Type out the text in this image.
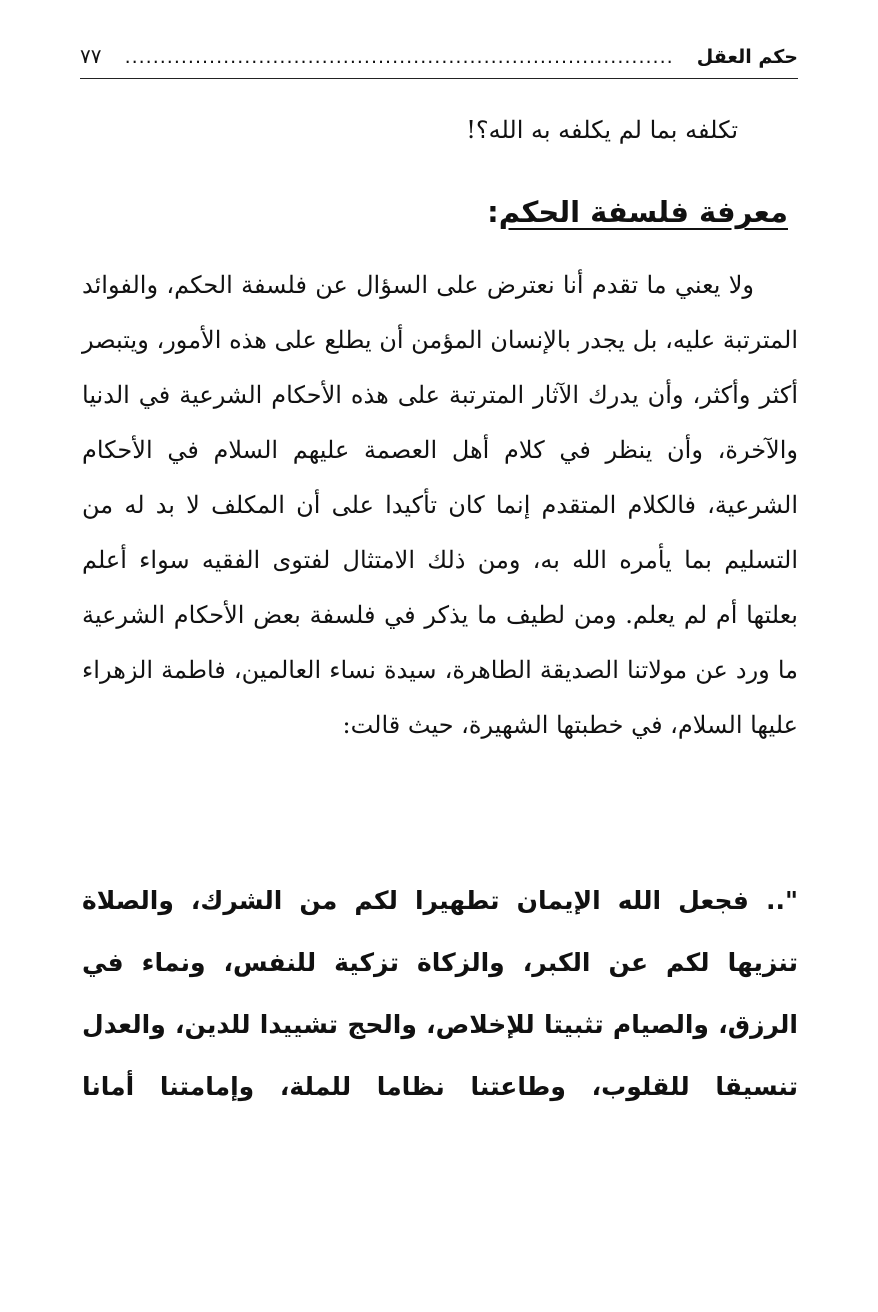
حكم العقل
..............................................................................
٧٧
تكلفه بما لم يكلفه به الله؟!
معرفة فلسفة الحكم:
ولا يعني ما تقدم أنا نعترض على السؤال عن فلسفة الحكم، والفوائد المترتبة عليه، بل يجدر بالإنسان المؤمن أن يطلع على هذه الأمور، ويتبصر أكثر وأكثر، وأن يدرك الآثار المترتبة على هذه الأحكام الشرعية في الدنيا والآخرة، وأن ينظر في كلام أهل العصمة عليهم السلام في الأحكام الشرعية، فالكلام المتقدم إنما كان تأكيدا على أن المكلف لا بد له من التسليم بما يأمره الله به، ومن ذلك الامتثال لفتوى الفقيه سواء أعلم بعلتها أم لم يعلم. ومن لطيف ما يذكر في فلسفة بعض الأحكام الشرعية ما ورد عن مولاتنا الصديقة الطاهرة، سيدة نساء العالمين، فاطمة الزهراء عليها السلام، في خطبتها الشهيرة، حيث قالت:
".. فجعل الله الإيمان تطهيرا لكم من الشرك، والصلاة تنزيها لكم عن الكبر، والزكاة تزكية للنفس، ونماء في الرزق، والصيام تثبيتا للإخلاص، والحج تشييدا للدين، والعدل تنسيقا للقلوب، وطاعتنا نظاما للملة، وإمامتنا أمانا
